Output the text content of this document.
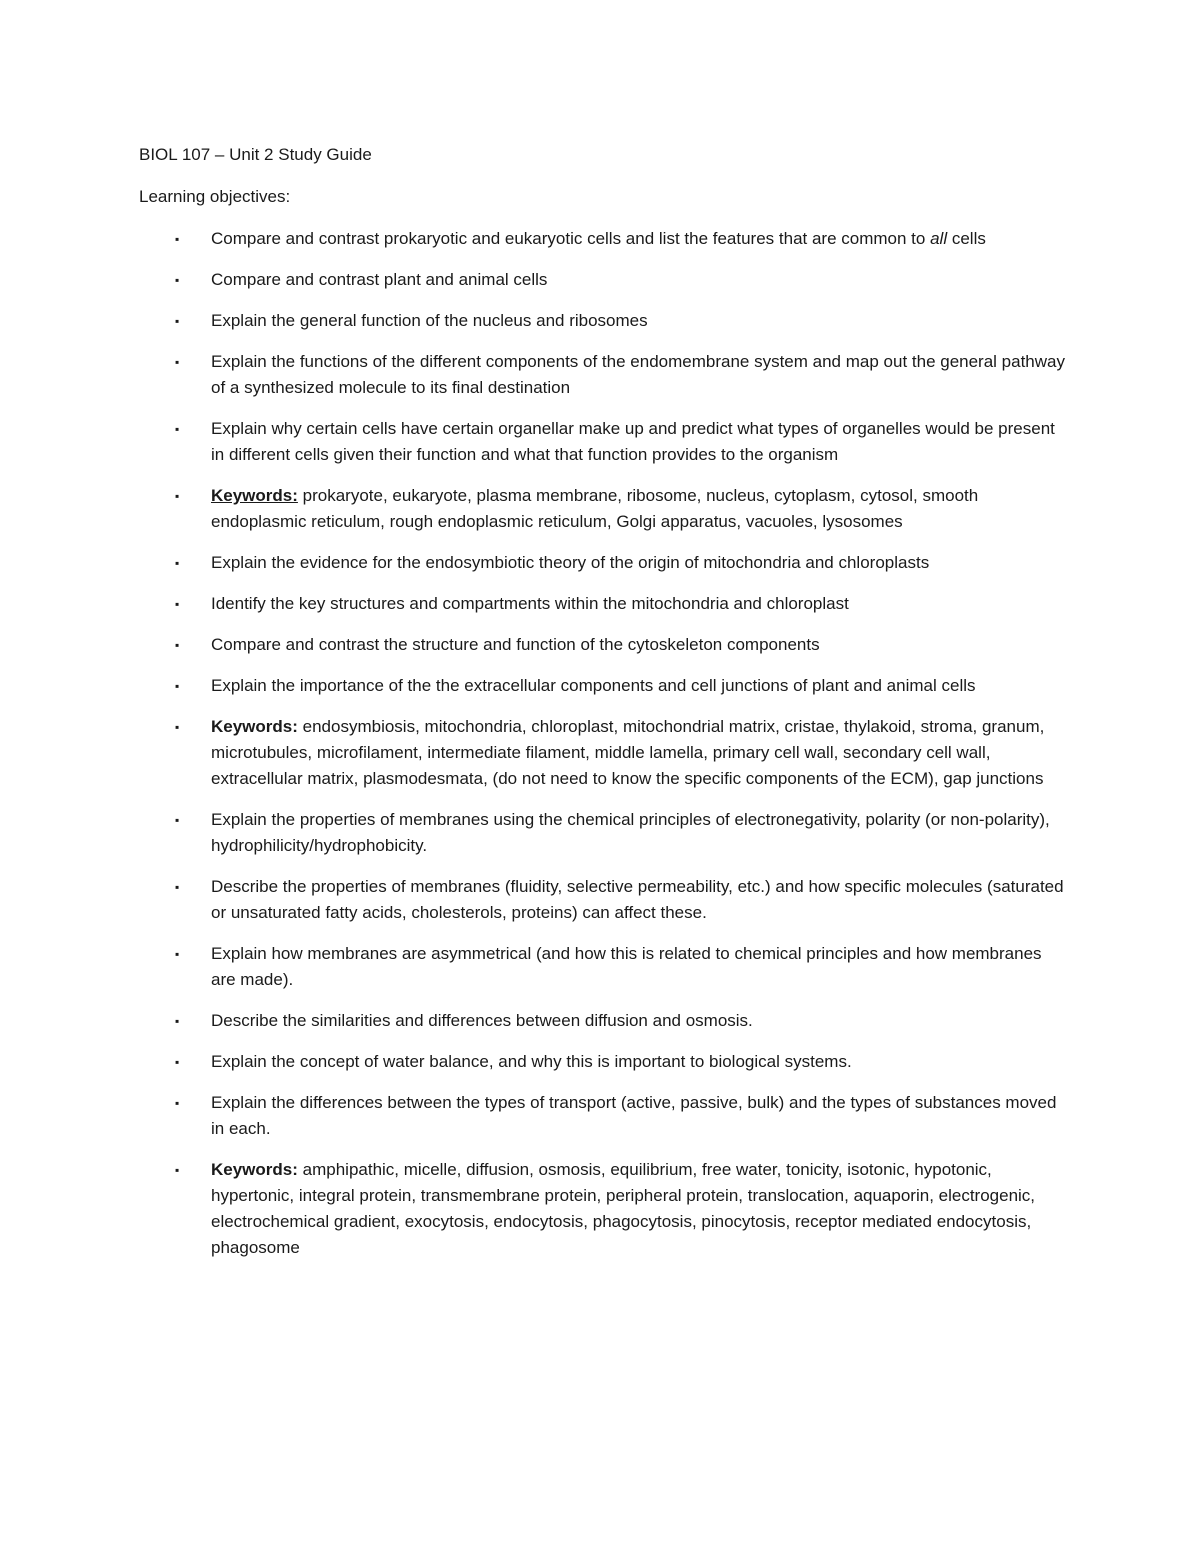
BIOL 107 – Unit 2 Study Guide
Learning objectives:
▪ Compare and contrast prokaryotic and eukaryotic cells and list the features that are common to all cells
▪ Compare and contrast plant and animal cells
▪ Explain the general function of the nucleus and ribosomes
▪ Explain the functions of the different components of the endomembrane system and map out the general pathway of a synthesized molecule to its final destination
▪ Explain why certain cells have certain organellar make up and predict what types of organelles would be present in different cells given their function and what that function provides to the organism
▪ Keywords: prokaryote, eukaryote, plasma membrane, ribosome, nucleus, cytoplasm, cytosol, smooth endoplasmic reticulum, rough endoplasmic reticulum, Golgi apparatus, vacuoles, lysosomes
▪ Explain the evidence for the endosymbiotic theory of the origin of mitochondria and chloroplasts
▪ Identify the key structures and compartments within the mitochondria and chloroplast
▪ Compare and contrast the structure and function of the cytoskeleton components
▪ Explain the importance of the the extracellular components and cell junctions of plant and animal cells
▪ Keywords: endosymbiosis, mitochondria, chloroplast, mitochondrial matrix, cristae, thylakoid, stroma, granum, microtubules, microfilament, intermediate filament, middle lamella, primary cell wall, secondary cell wall, extracellular matrix, plasmodesmata, (do not need to know the specific components of the ECM), gap junctions
▪ Explain the properties of membranes using the chemical principles of electronegativity, polarity (or non-polarity), hydrophilicity/hydrophobicity.
▪ Describe the properties of membranes (fluidity, selective permeability, etc.) and how specific molecules (saturated or unsaturated fatty acids, cholesterols, proteins) can affect these.
▪ Explain how membranes are asymmetrical (and how this is related to chemical principles and how membranes are made).
▪ Describe the similarities and differences between diffusion and osmosis.
▪ Explain the concept of water balance, and why this is important to biological systems.
▪ Explain the differences between the types of transport (active, passive, bulk) and the types of substances moved in each.
▪ Keywords: amphipathic, micelle, diffusion, osmosis, equilibrium, free water, tonicity, isotonic, hypotonic, hypertonic, integral protein, transmembrane protein, peripheral protein, translocation, aquaporin, electrogenic, electrochemical gradient, exocytosis, endocytosis, phagocytosis, pinocytosis, receptor mediated endocytosis, phagosome
